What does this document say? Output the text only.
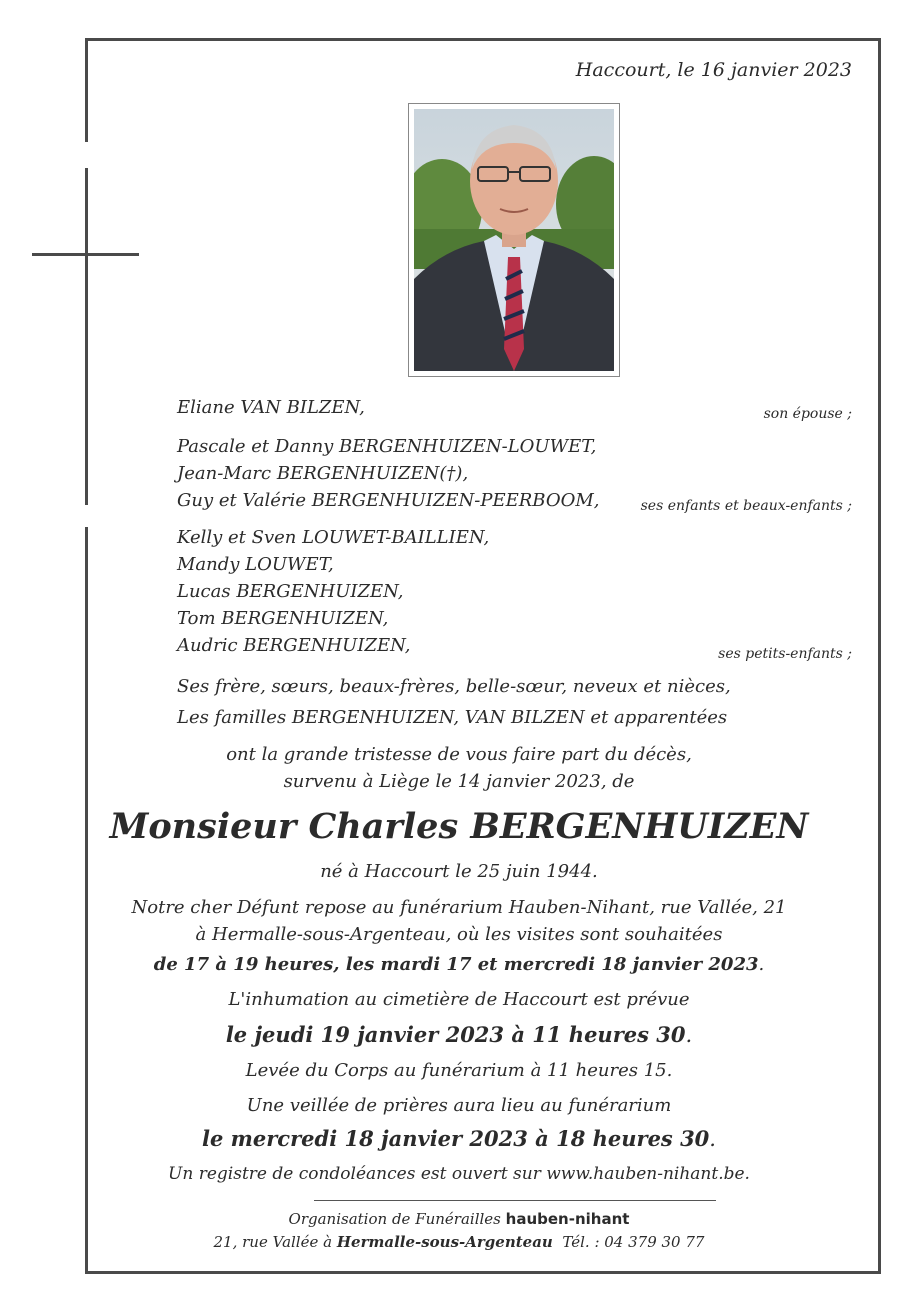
Haccourt, le 16 janvier 2023
Eliane VAN BILZEN,	son épouse ;
Pascale et Danny BERGENHUIZEN-LOUWET,
Jean-Marc BERGENHUIZEN(†),
Guy et Valérie BERGENHUIZEN-PEERBOOM,	ses enfants et beaux-enfants ;
Kelly et Sven LOUWET-BAILLIEN,
Mandy LOUWET,
Lucas BERGENHUIZEN,
Tom BERGENHUIZEN,
Audric BERGENHUIZEN,	ses petits-enfants ;
Ses frère, sœurs, beaux-frères, belle-sœur, neveux et nièces,
Les familles BERGENHUIZEN, VAN BILZEN et apparentées
ont la grande tristesse de vous faire part du décès,
survenu à Liège le 14 janvier 2023, de
Monsieur Charles BERGENHUIZEN
né à Haccourt le 25 juin 1944.
Notre cher Défunt repose au funérarium Hauben-Nihant, rue Vallée, 21
à Hermalle-sous-Argenteau, où les visites sont souhaitées
de 17 à 19 heures, les mardi 17 et mercredi 18 janvier 2023.
L'inhumation au cimetière de Haccourt est prévue
le jeudi 19 janvier 2023 à 11 heures 30.
Levée du Corps au funérarium à 11 heures 15.
Une veillée de prières aura lieu au funérarium
le mercredi 18 janvier 2023 à 18 heures 30.
Un registre de condoléances est ouvert sur www.hauben-nihant.be.
Organisation de Funérailles hauben-nihant
21, rue Vallée à Hermalle-sous-Argenteau Tél. : 04 379 30 77
